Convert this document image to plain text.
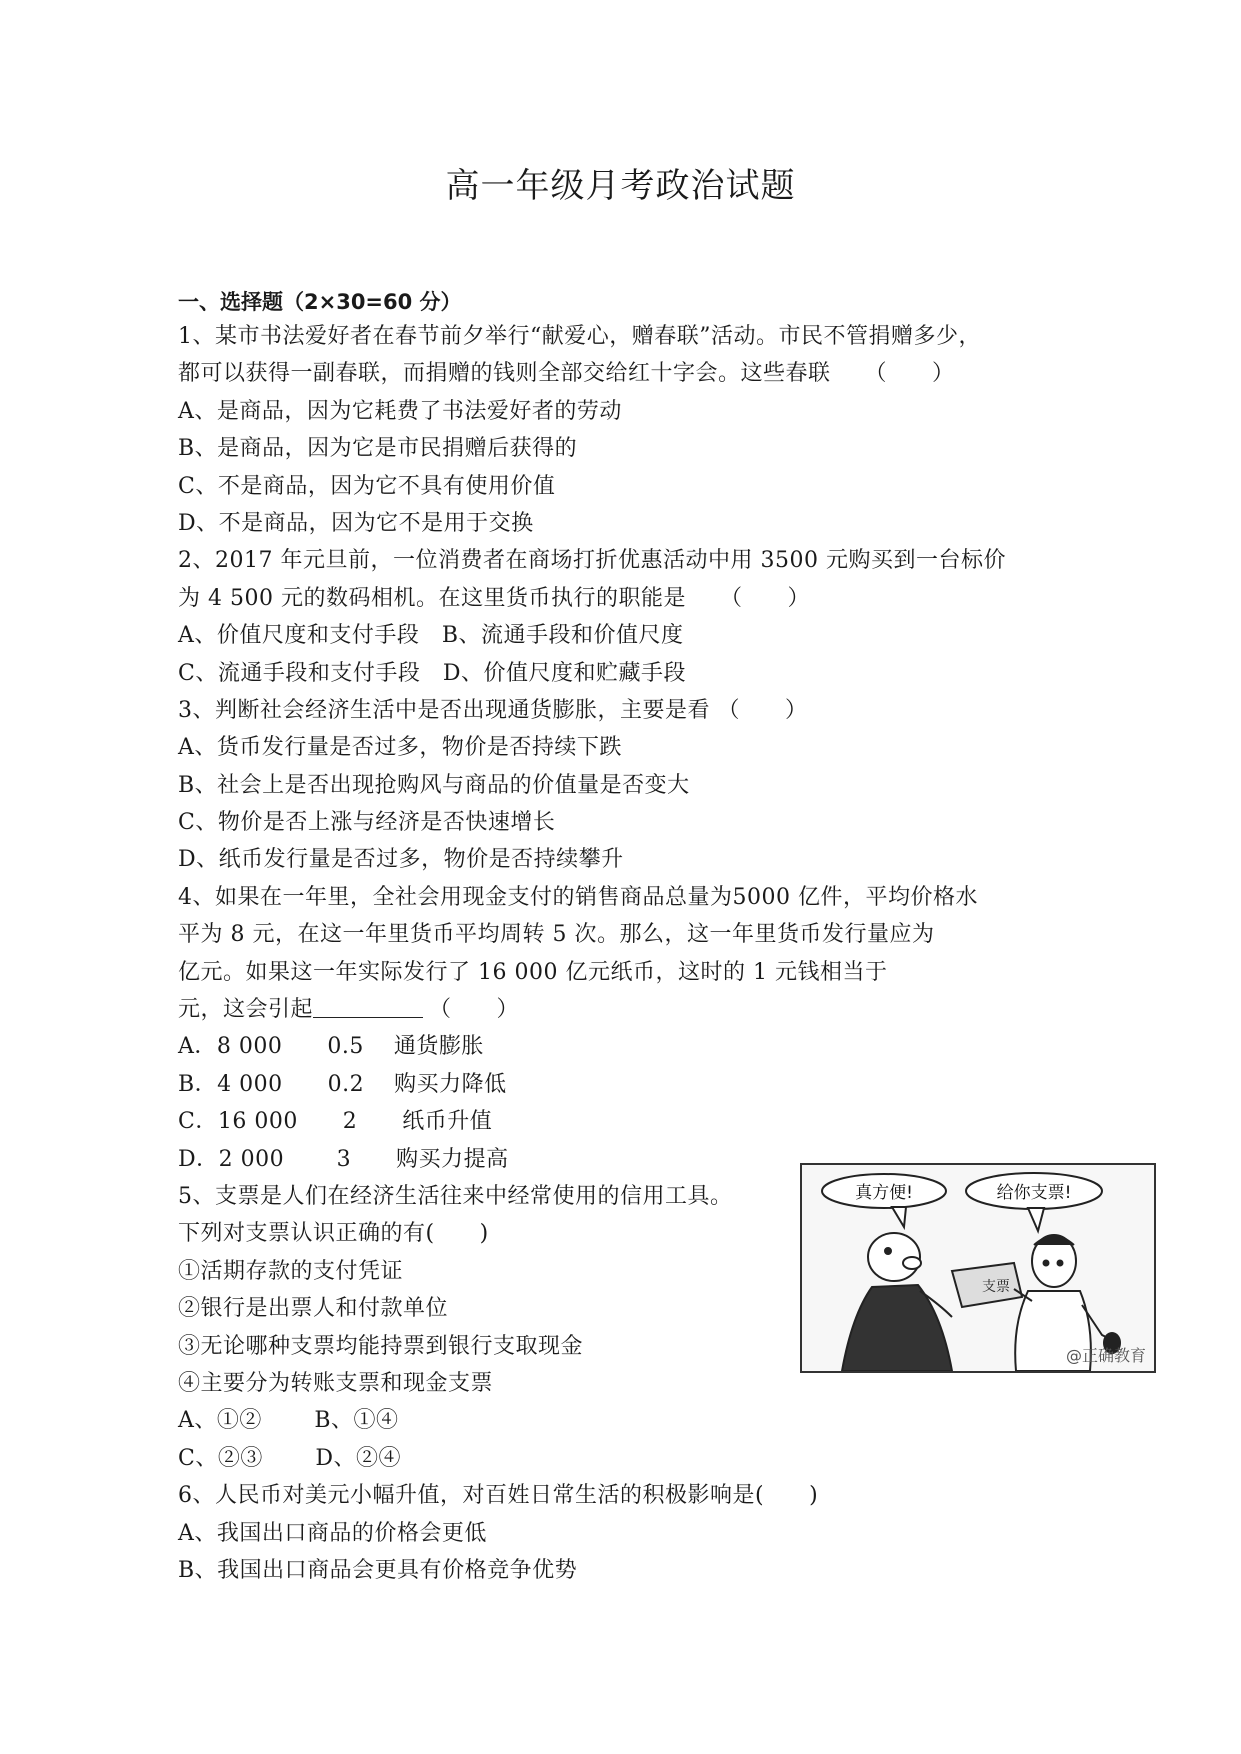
高一年级月考政治试题
一、选择题（2×30=60 分）
1、某市书法爱好者在春节前夕举行“献爱心，赠春联”活动。市民不管捐赠多少，
都可以获得一副春联，而捐赠的钱则全部交给红十字会。这些春联　　（　　）
A、是商品，因为它耗费了书法爱好者的劳动
B、是商品，因为它是市民捐赠后获得的
C、不是商品，因为它不具有使用价值
D、不是商品，因为它不是用于交换
2、2017 年元旦前，一位消费者在商场打折优惠活动中用 3500 元购买到一台标价
为 4 500 元的数码相机。在这里货币执行的职能是　　（　　）
A、价值尺度和支付手段　B、流通手段和价值尺度
C、流通手段和支付手段　D、价值尺度和贮藏手段
3、判断社会经济生活中是否出现通货膨胀，主要是看 （　　）
A、货币发行量是否过多，物价是否持续下跌
B、社会上是否出现抢购风与商品的价值量是否变大
C、物价是否上涨与经济是否快速增长
D、纸币发行量是否过多，物价是否持续攀升
4、如果在一年里，全社会用现金支付的销售商品总量为5000 亿件，平均价格水
平为 8 元，在这一年里货币平均周转 5 次。那么，这一年里货币发行量应为
亿元。如果这一年实际发行了 16 000 亿元纸币，这时的 1 元钱相当于
元，这会引起	（　　）
A．8 000　　0.5　 通货膨胀
B．4 000　　0.2　 购买力降低
C．16 000　　2　　纸币升值
D．2 000　　 3　　购买力提高
5、支票是人们在经济生活往来中经常使用的信用工具。
下列对支票认识正确的有(　　)
①活期存款的支付凭证
②银行是出票人和付款单位
③无论哪种支票均能持票到银行支取现金
④主要分为转账支票和现金支票
A、①②　　 B、①④
C、②③　　 D、②④
6、人民币对美元小幅升值，对百姓日常生活的积极影响是(　　)
A、我国出口商品的价格会更低
B、我国出口商品会更具有价格竞争优势
真方便!	给你支票!
支票
@正确教育
